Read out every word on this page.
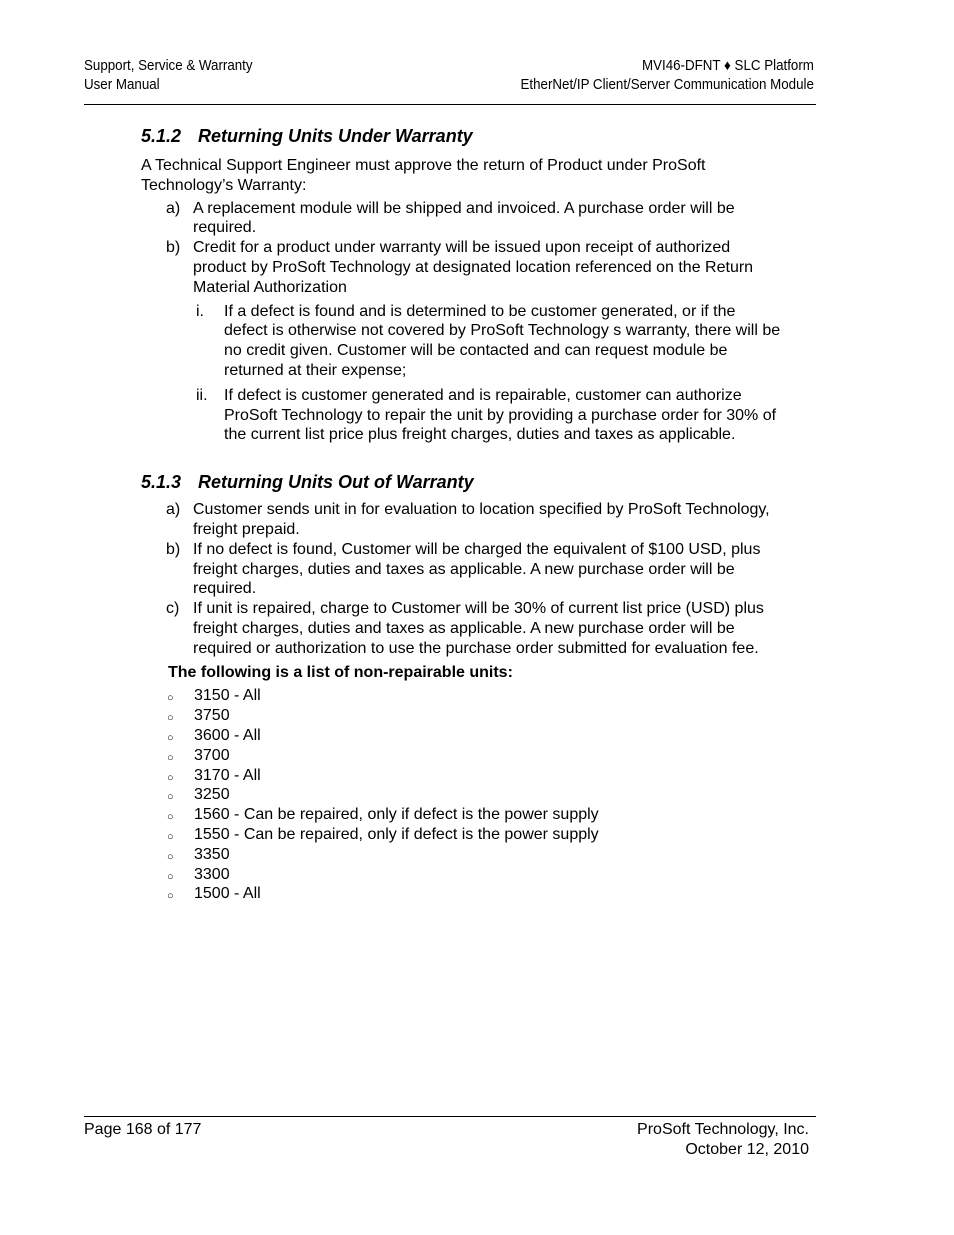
Support, Service & Warranty
User Manual
MVI46-DFNT ♦ SLC Platform
EtherNet/IP Client/Server Communication Module
5.1.2 Returning Units Under Warranty

A Technical Support Engineer must approve the return of Product under ProSoft Technology’s Warranty:

a) A replacement module will be shipped and invoiced. A purchase order will be required.
b) Credit for a product under warranty will be issued upon receipt of authorized product by ProSoft Technology at designated location referenced on the Return Material Authorization
i. If a defect is found and is determined to be customer generated, or if the defect is otherwise not covered by ProSoft Technology s warranty, there will be no credit given. Customer will be contacted and can request module be returned at their expense;
ii. If defect is customer generated and is repairable, customer can authorize ProSoft Technology to repair the unit by providing a purchase order for 30% of the current list price plus freight charges, duties and taxes as applicable.
5.1.3 Returning Units Out of Warranty
a) Customer sends unit in for evaluation to location specified by ProSoft Technology, freight prepaid.
b) If no defect is found, Customer will be charged the equivalent of $100 USD, plus freight charges, duties and taxes as applicable. A new purchase order will be required.
c) If unit is repaired, charge to Customer will be 30% of current list price (USD) plus freight charges, duties and taxes as applicable. A new purchase order will be required or authorization to use the purchase order submitted for evaluation fee.
The following is a list of non-repairable units:
○ 3150 - All
○ 3750
○ 3600 - All
○ 3700
○ 3170 - All
○ 3250
○ 1560 - Can be repaired, only if defect is the power supply
○ 1550 - Can be repaired, only if defect is the power supply
○ 3350
○ 3300
○ 1500 - All
Page 168 of 177	ProSoft Technology, Inc.
October 12, 2010
